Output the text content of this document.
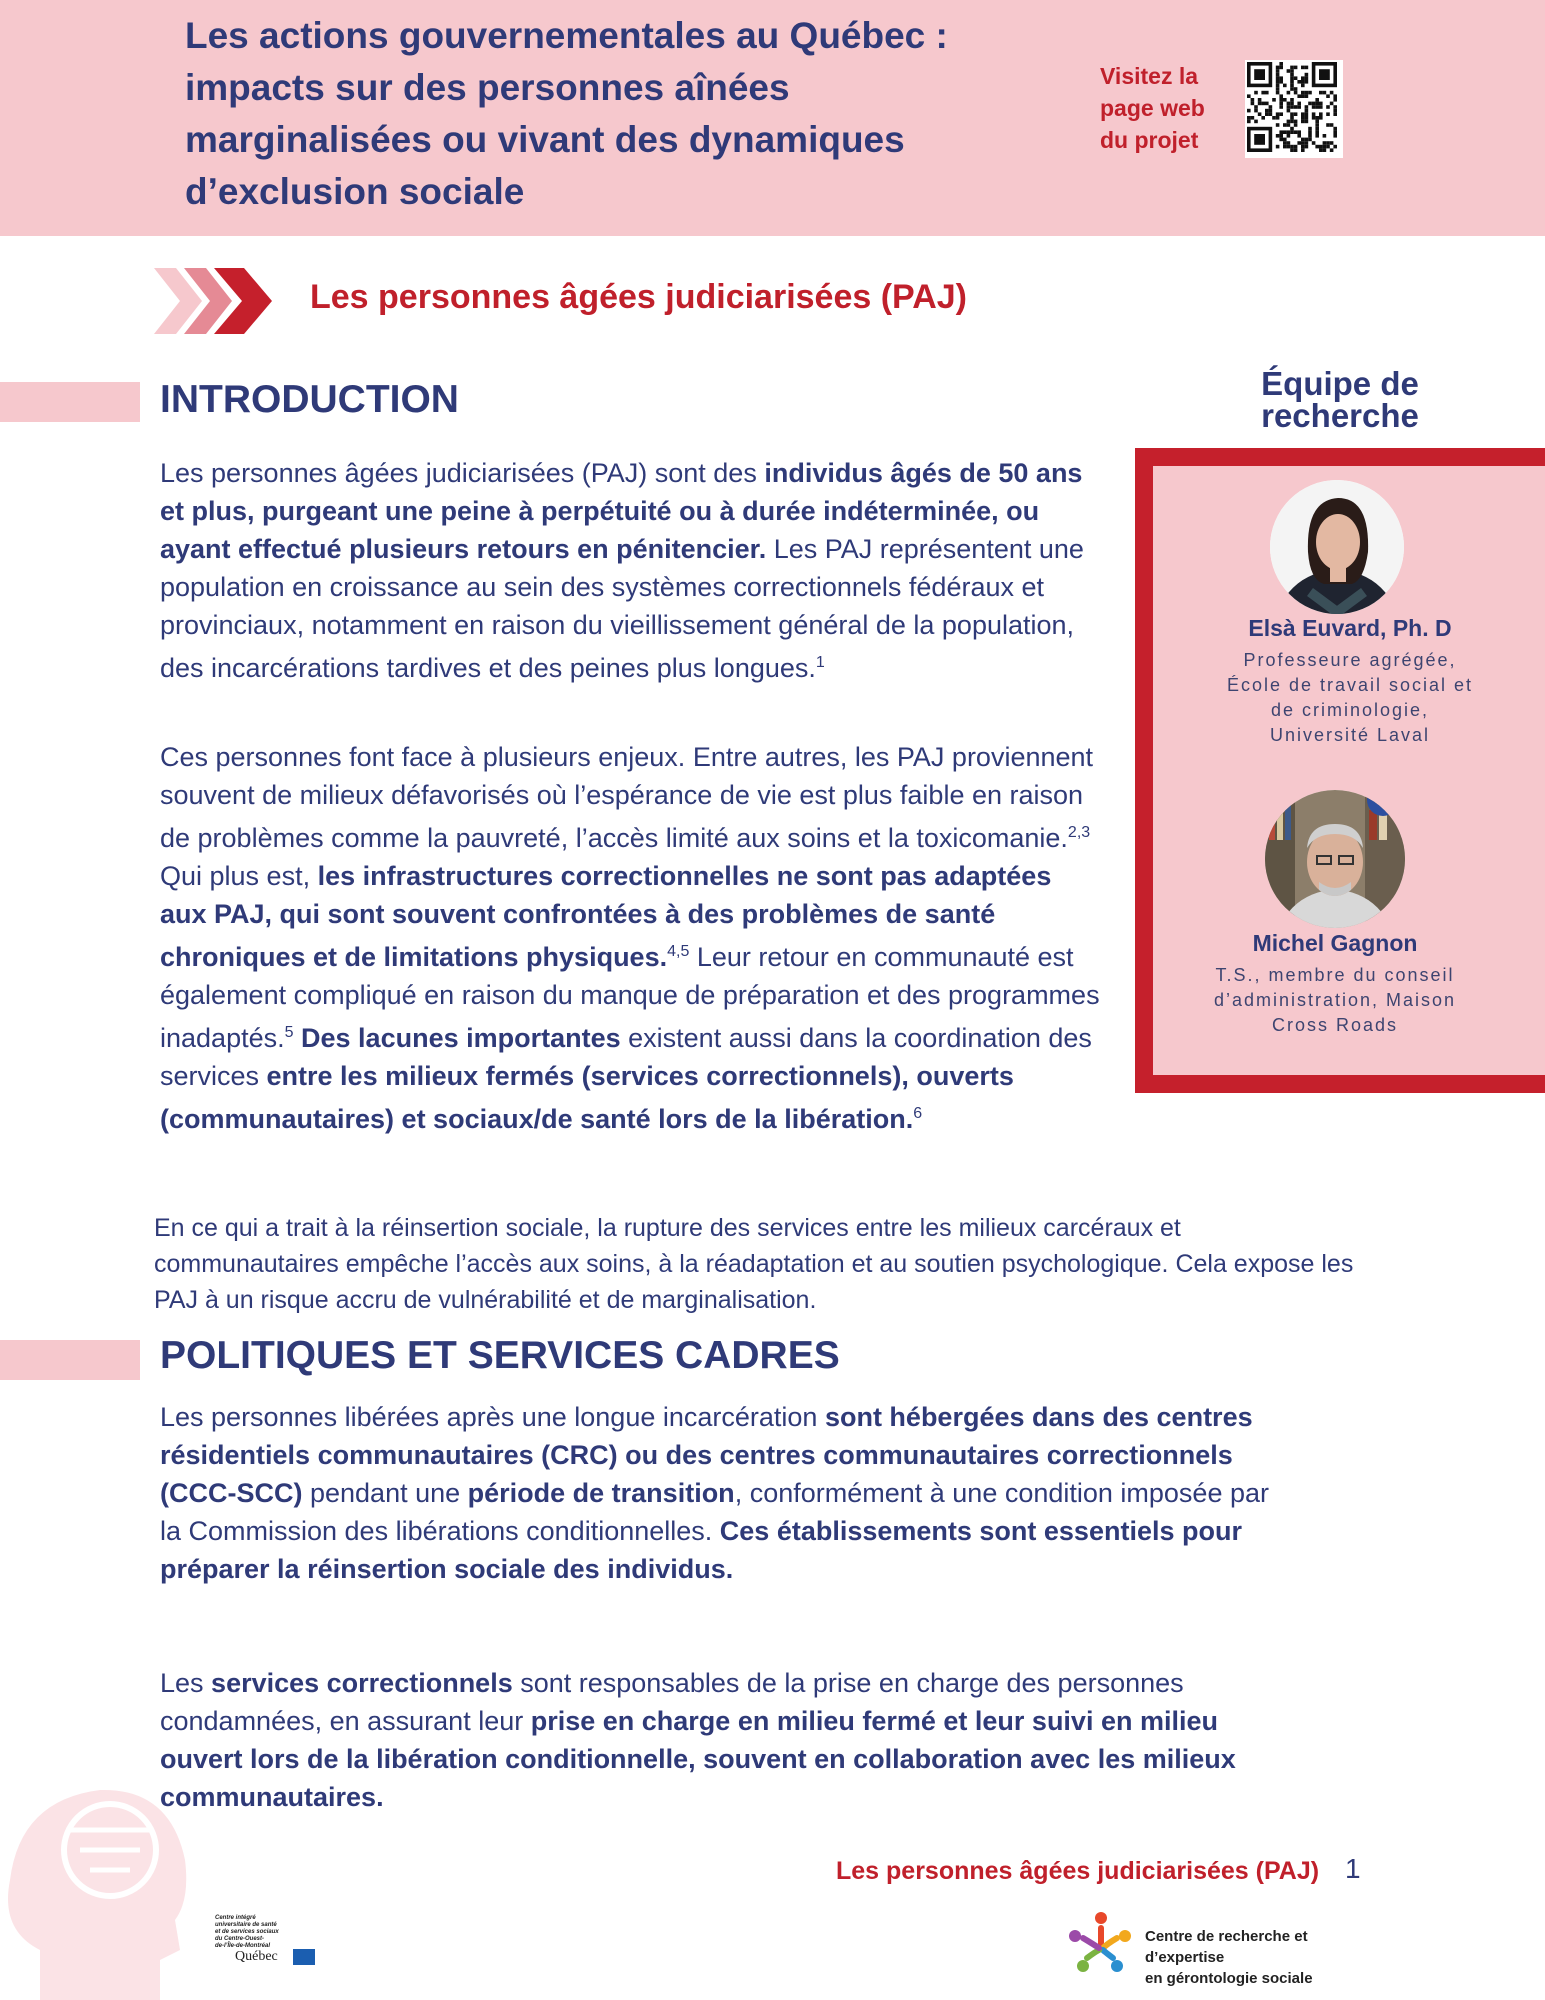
Les actions gouvernementales au Québec :
impacts sur des personnes aînées
marginalisées ou vivant des dynamiques
d’exclusion sociale
Visitez la
page web
du projet
Les personnes âgées judiciarisées (PAJ)
INTRODUCTION

Les personnes âgées judiciarisées (PAJ) sont des individus âgés de 50 ans et plus, purgeant une peine à perpétuité ou à durée indéterminée, ou ayant effectué plusieurs retours en pénitencier. Les PAJ représentent une population en croissance au sein des systèmes correctionnels fédéraux et provinciaux, notamment en raison du vieillissement général de la population, des incarcérations tardives et des peines plus longues.$^1$

Ces personnes font face à plusieurs enjeux. Entre autres, les PAJ proviennent souvent de milieux défavorisés où l’espérance de vie est plus faible en raison de problèmes comme la pauvreté, l’accès limité aux soins et la toxicomanie.$^{2,3}$ Qui plus est, les infrastructures correctionnelles ne sont pas adaptées aux PAJ, qui sont souvent confrontées à des problèmes de santé chroniques et de limitations physiques.$^{4,5}$ Leur retour en communauté est également compliqué en raison du manque de préparation et des programmes inadaptés.$^5$ Des lacunes importantes existent aussi dans la coordination des services entre les milieux fermés (services correctionnels), ouverts (communautaires) et sociaux/de santé lors de la libération.$^6$

En ce qui a trait à la réinsertion sociale, la rupture des services entre les milieux carcéraux et communautaires empêche l’accès aux soins, à la réadaptation et au soutien psychologique. Cela expose les PAJ à un risque accru de vulnérabilité et de marginalisation.

Équipe de
recherche
Elsà Euvard, Ph. D
Professeure agrégée,
École de travail social et
de criminologie,
Université Laval
Michel Gagnon
T.S., membre du conseil
d’administration, Maison
Cross Roads
POLITIQUES ET SERVICES CADRES

Les personnes libérées après une longue incarcération sont hébergées dans des centres résidentiels communautaires (CRC) ou des centres communautaires correctionnels (CCC-SCC) pendant une période de transition, conformément à une condition imposée par la Commission des libérations conditionnelles. Ces établissements sont essentiels pour préparer la réinsertion sociale des individus.

Les services correctionnels sont responsables de la prise en charge des personnes condamnées, en assurant leur prise en charge en milieu fermé et leur suivi en milieu ouvert lors de la libération conditionnelle, souvent en collaboration avec les milieux communautaires.

Les personnes âgées judiciarisées (PAJ) 1
Centre intégré
universitaire de santé
et de services sociaux
du Centre-Ouest-
de-l’Île-de-Montréal
Québec
Centre de recherche et d’expertise
en gérontologie sociale
